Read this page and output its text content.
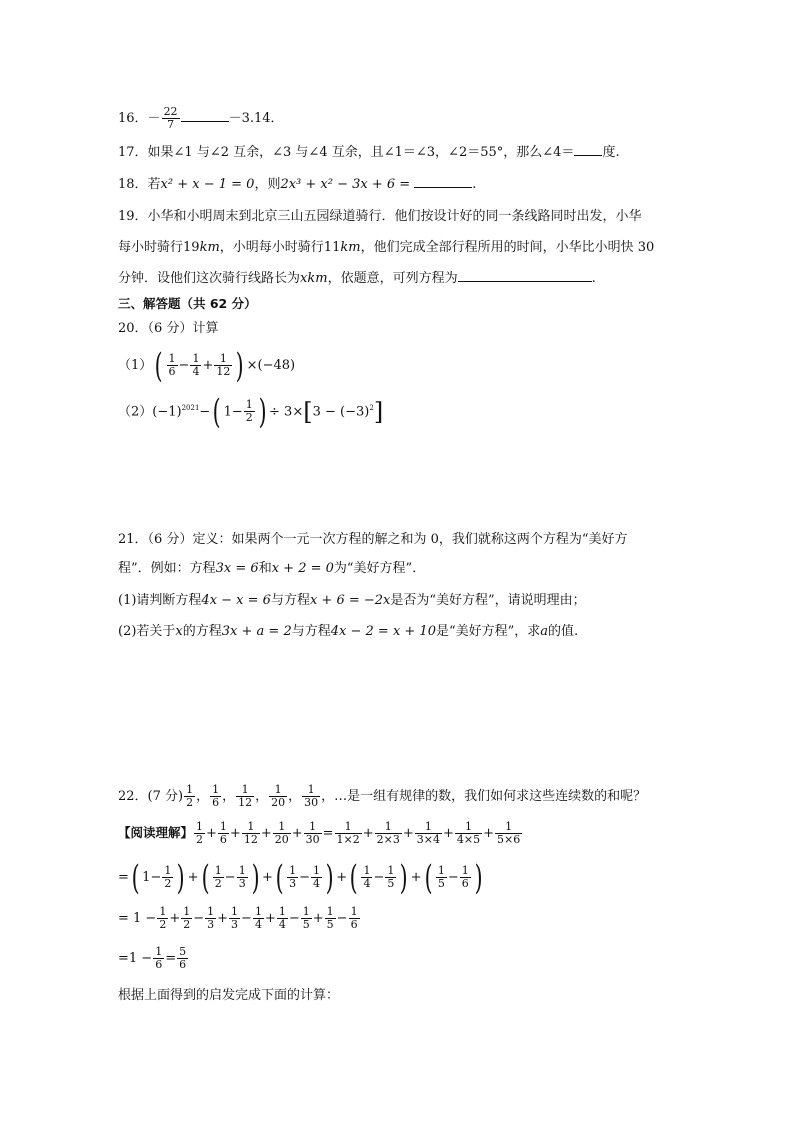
16．－ $\frac{22}{7}$	－3.14．
17．如果∠1 与∠2 互余，∠3 与∠4 互余，且∠1＝∠3，∠2＝55°，那么∠4＝ 度.
18．若x² + x − 1 = 0，则2x³ + x² − 3x + 6 =	.
19．小华和小明周末到北京三山五园绿道骑行．他们按设计好的同一条线路同时出发，小华
每小时骑行19km，小明每小时骑行11km，他们完成全部行程所用的时间，小华比小明快 30
分钟．设他们这次骑行线路长为xkm，依题意，可列方程为	.
三、解答题（共 62 分）
20．（6 分）计算
$(1)( \frac{1}{6} - \frac{1}{4} + \frac{1}{12}$ ) ×(−48)
$(2)(-1)^{2021}-$( $1- \frac{1}{2}$ ) ÷ $3\times[3 - (-3)^2]$
21．（6 分）定义：如果两个一元一次方程的解之和为 0，我们就称这两个方程为“美好方
程”．例如：方程3x = 6和x + 2 = 0为“美好方程”．
(1)请判断方程4x − x = 6与方程x + 6 = −2x是否为“美好方程”，请说明理由；
(2)若关于x的方程3x + a = 2与方程4x − 2 = x + 10是“美好方程”，求a的值.
22．(7 分) $\frac{1}{2}$ ， $\frac{1}{6}$ ， $\frac{1}{12}$ ， $\frac{1}{20}$ ， $\frac{1}{30}$ ，…是一组有规律的数，我们如何求这些连续数的和呢？
【阅读理解】 $\frac{1}{2} + \frac{1}{6} + \frac{1}{12} + \frac{1}{20} + \frac{1}{30} = \frac{1}{1\times 2} + \frac{1}{2\times 3} + \frac{1}{3\times 4} + \frac{1}{4\times 5} + \frac{1}{5\times 6}$
=( $1- \frac{1}{2}$ ) +( $\frac{1}{2} - \frac{1}{3}$ ) +( $\frac{1}{3} - \frac{1}{4}$ ) +( $\frac{1}{4} - \frac{1}{5}$ ) +( $\frac{1}{5} - \frac{1}{6}$ )
= $1 - \frac{1}{2} + \frac{1}{2} - \frac{1}{3} + \frac{1}{3} - \frac{1}{4} + \frac{1}{4} - \frac{1}{5} + \frac{1}{5} - \frac{1}{6}$
$=1 - \frac{1}{6} = \frac{5}{6}$
根据上面得到的启发完成下面的计算：
